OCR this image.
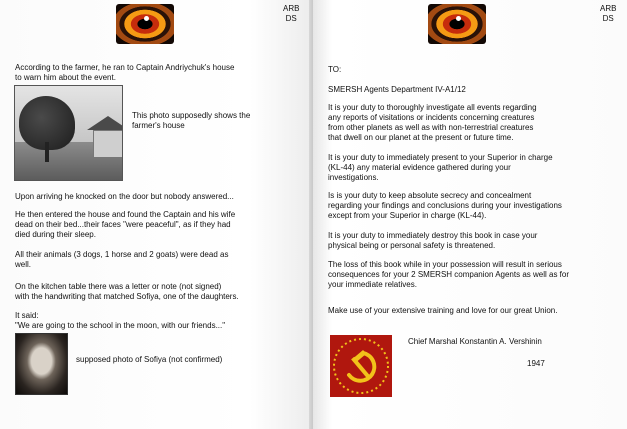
ARB
DS

According to the farmer, he ran to Captain Andriychuk's house
to warn him about the event.

This photo supposedly shows the
farmer's house

Upon arriving he knocked on the door but nobody answered...

He then entered the house and found the Captain and his wife
dead on their bed...their faces "were peaceful", as if they had
died during their sleep.

All their animals (3 dogs, 1 horse and 2 goats) were dead as
well.

On the kitchen table there was a letter or note (not signed)
with the handwriting that matched Sofiya, one of the daughters.

It said:
"We are going to the school in the moon, with our friends..."

supposed photo of Sofiya (not confirmed)

ARB
DS

TO:

SMERSH Agents Department IV-A1/12

It is your duty to thoroughly investigate all events regarding
any reports of visitations or incidents concerning creatures
from other planets as well as with non-terrestrial creatures
that dwell on our planet at the present or future time.

It is your duty to immediately present to your Superior in charge
(KL-44) any material evidence gathered during your
investigations.

Is is your duty to keep absolute secrecy and concealment
regarding your findings and conclusions during your investigations
except from your Superior in charge (KL-44).

It is your duty to immediately destroy this book in case your
physical being or personal safety is threatened.

The loss of this book while in your possession will result in serious
consequences for your 2 SMERSH companion Agents as well as for
your immediate relatives.

Make use of your extensive training and love for our great Union.

Chief Marshal Konstantin A. Vershinin

1947
